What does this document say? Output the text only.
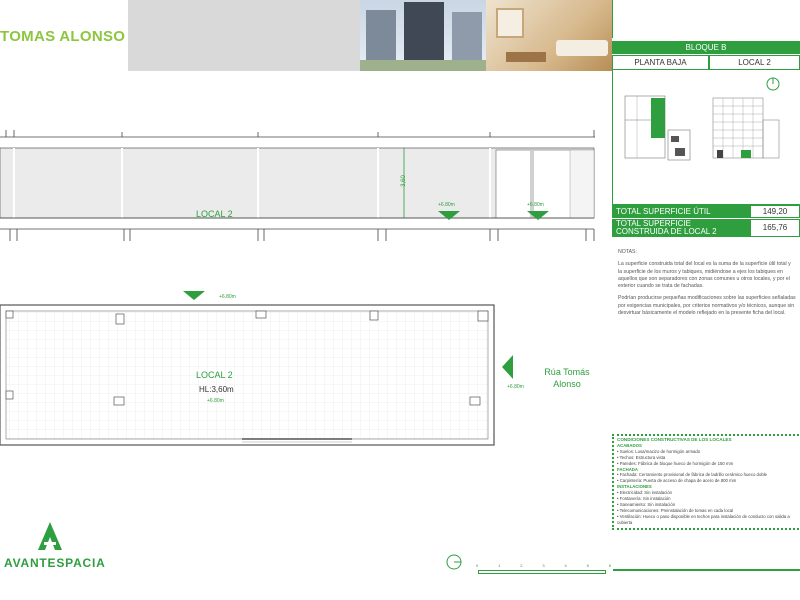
TOMAS ALONSO
BLOQUE B
PLANTA BAJA	LOCAL 2
TOTAL SUPERFICIE ÚTIL	149,20
TOTAL SUPERFICIE CONSTRUIDA DE LOCAL 2	165,76

NOTAS:

La superficie construida total del local es la suma de la superficie útil total y la superficie de los muros y tabiques, midiéndose a ejes los tabiques en aquellos que son separadores con zonas comunes u otros locales, y por el exterior cuando se trata de fachadas.

Podrían producirse pequeñas modificaciones sobre las superficies señaladas por exigencias municipales, por criterios normativos y/o técnicos, aunque sin desvirtuar básicamente el modelo reflejado en la presente ficha del local.

3,60
LOCAL 2
+6.80m	+6.80m
+6.80m
LOCAL 2
HL:3,60m
+6.80m
+6.80m
Rúa Tomás
Alonso
CONDICIONES CONSTRUCTIVAS DE LOS LOCALES
ACABADOS
• Suelos: Losa/macizo de hormigón armado
• Techos: Estructura vista
• Paredes: Fábrica de bloque hueco de hormigón de 150 mm
FACHADA
• Fachada: Cerramiento provisional de fábrica de ladrillo cerámico hueco doble
• Carpintería: Puerta de acceso de chapa de acero de 800 mm
INSTALACIONES
• Electricidad: Sin instalación
• Fontanería: Sin instalación
• Saneamiento: Sin instalación
• Telecomunicaciones: Preinstalación de tomas en cada local
• Ventilación: Hueco o paso disponible en techos para instalación de conducto con salida a cubierta
AVANTESPACIA	0	1	2	3	4	5	6
